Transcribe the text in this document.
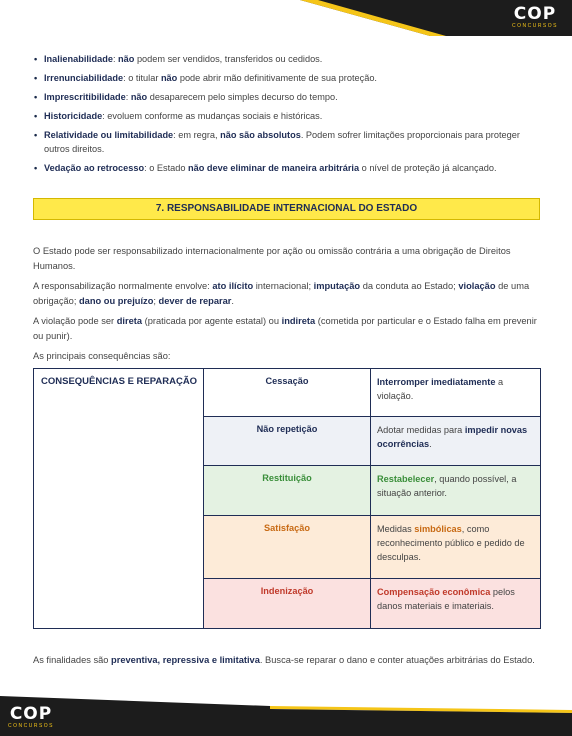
COP
CONCURSOS
• Inalienabilidade: não podem ser vendidos, transferidos ou cedidos.
• Irrenunciabilidade: o titular não pode abrir mão definitivamente de sua proteção.
• Imprescritibilidade: não desaparecem pelo simples decurso do tempo.
• Historicidade: evoluem conforme as mudanças sociais e históricas.
• Relatividade ou limitabilidade: em regra, não são absolutos. Podem sofrer limitações proporcionais para proteger outros direitos.
• Vedação ao retrocesso: o Estado não deve eliminar de maneira arbitrária o nível de proteção já alcançado.
7. RESPONSABILIDADE INTERNACIONAL DO ESTADO

O Estado pode ser responsabilizado internacionalmente por ação ou omissão contrária a uma obrigação de Direitos Humanos.

A responsabilização normalmente envolve: ato ilícito internacional; imputação da conduta ao Estado; violação de uma obrigação; dano ou prejuízo; dever de reparar.

A violação pode ser direta (praticada por agente estatal) ou indireta (cometida por particular e o Estado falha em prevenir ou punir).

As principais consequências são:

CONSEQUÊNCIAS E REPARAÇÃO	Cessação	Interromper imediatamente a violação.
Não repetição	Adotar medidas para impedir novas ocorrências.
Restituição	Restabelecer, quando possível, a situação anterior.
Satisfação	Medidas simbólicas, como reconhecimento público e pedido de desculpas.
Indenização	Compensação econômica pelos danos materiais e imateriais.

As finalidades são preventiva, repressiva e limitativa. Busca-se reparar o dano e conter atuações arbitrárias do Estado.

COP
CONCURSOS
